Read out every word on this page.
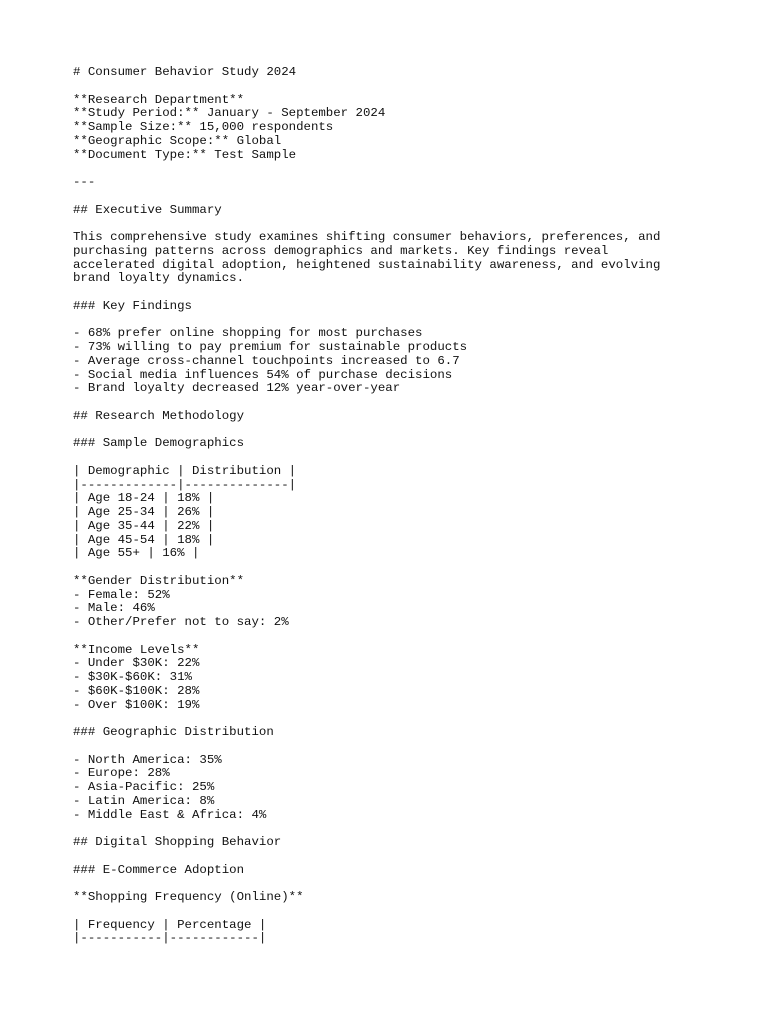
# Consumer Behavior Study 2024
**Research Department**
**Study Period:** January - September 2024
**Sample Size:** 15,000 respondents
**Geographic Scope:** Global
**Document Type:** Test Sample
---
## Executive Summary
This comprehensive study examines shifting consumer behaviors, preferences, and
purchasing patterns across demographics and markets. Key findings reveal
accelerated digital adoption, heightened sustainability awareness, and evolving
brand loyalty dynamics.
### Key Findings
- 68% prefer online shopping for most purchases
- 73% willing to pay premium for sustainable products
- Average cross-channel touchpoints increased to 6.7
- Social media influences 54% of purchase decisions
- Brand loyalty decreased 12% year-over-year
## Research Methodology
### Sample Demographics
| Demographic | Distribution |
|-------------|--------------|
| Age 18-24 | 18% |
| Age 25-34 | 26% |
| Age 35-44 | 22% |
| Age 45-54 | 18% |
| Age 55+ | 16% |
**Gender Distribution**
- Female: 52%
- Male: 46%
- Other/Prefer not to say: 2%
**Income Levels**
- Under $30K: 22%
- $30K-$60K: 31%
- $60K-$100K: 28%
- Over $100K: 19%
### Geographic Distribution
- North America: 35%
- Europe: 28%
- Asia-Pacific: 25%
- Latin America: 8%
- Middle East & Africa: 4%
## Digital Shopping Behavior
### E-Commerce Adoption
**Shopping Frequency (Online)**
| Frequency | Percentage |
|-----------|------------|
